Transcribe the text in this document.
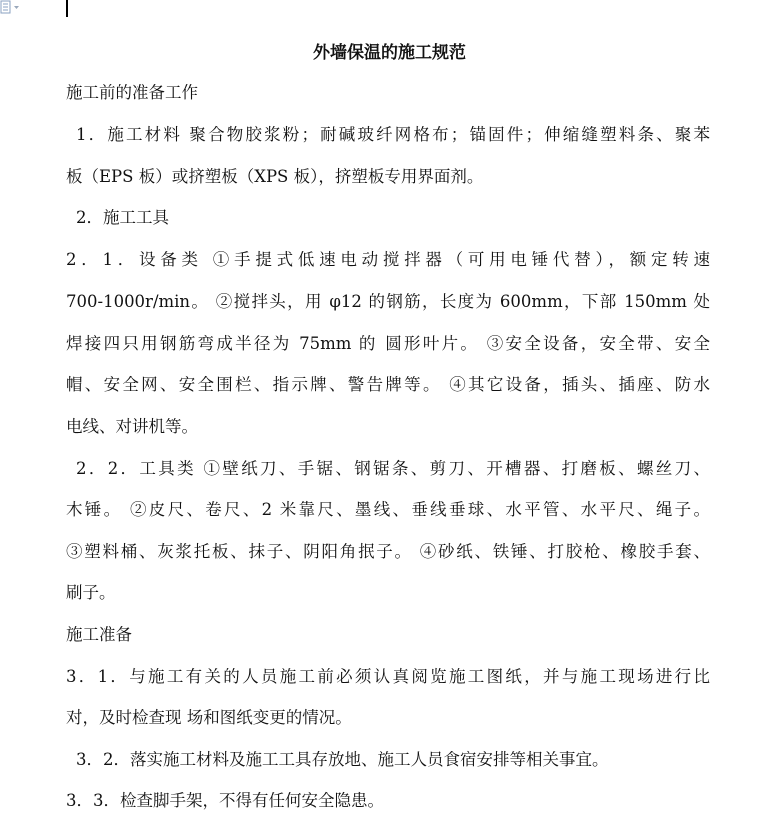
外墙保温的施工规范
施工前的准备工作
1．施工材料 聚合物胶浆粉；耐碱玻纤网格布；锚固件；伸缩缝塑料条、聚苯
板（EPS 板）或挤塑板（XPS 板），挤塑板专用界面剂。
2．施工工具
2．1．设备类 ①手提式低速电动搅拌器（可用电锤代替），额定转速
700-1000r/min。 ②搅拌头，用 φ12 的钢筋，长度为 600mm，下部 150mm 处
焊接四只用钢筋弯成半径为 75mm 的 圆形叶片。 ③安全设备，安全带、安全
帽、安全网、安全围栏、指示牌、警告牌等。 ④其它设备，插头、插座、防水
电线、对讲机等。
2．2．工具类 ①壁纸刀、手锯、钢锯条、剪刀、开槽器、打磨板、螺丝刀、
木锤。 ②皮尺、卷尺、2 米靠尺、墨线、垂线垂球、水平管、水平尺、绳子。
③塑料桶、灰浆托板、抹子、阴阳角抿子。 ④砂纸、铁锤、打胶枪、橡胶手套、
刷子。
施工准备
3．1．与施工有关的人员施工前必须认真阅览施工图纸，并与施工现场进行比
对，及时检查现 场和图纸变更的情况。
3．2．落实施工材料及施工工具存放地、施工人员食宿安排等相关事宜。
3．3．检查脚手架，不得有任何安全隐患。
